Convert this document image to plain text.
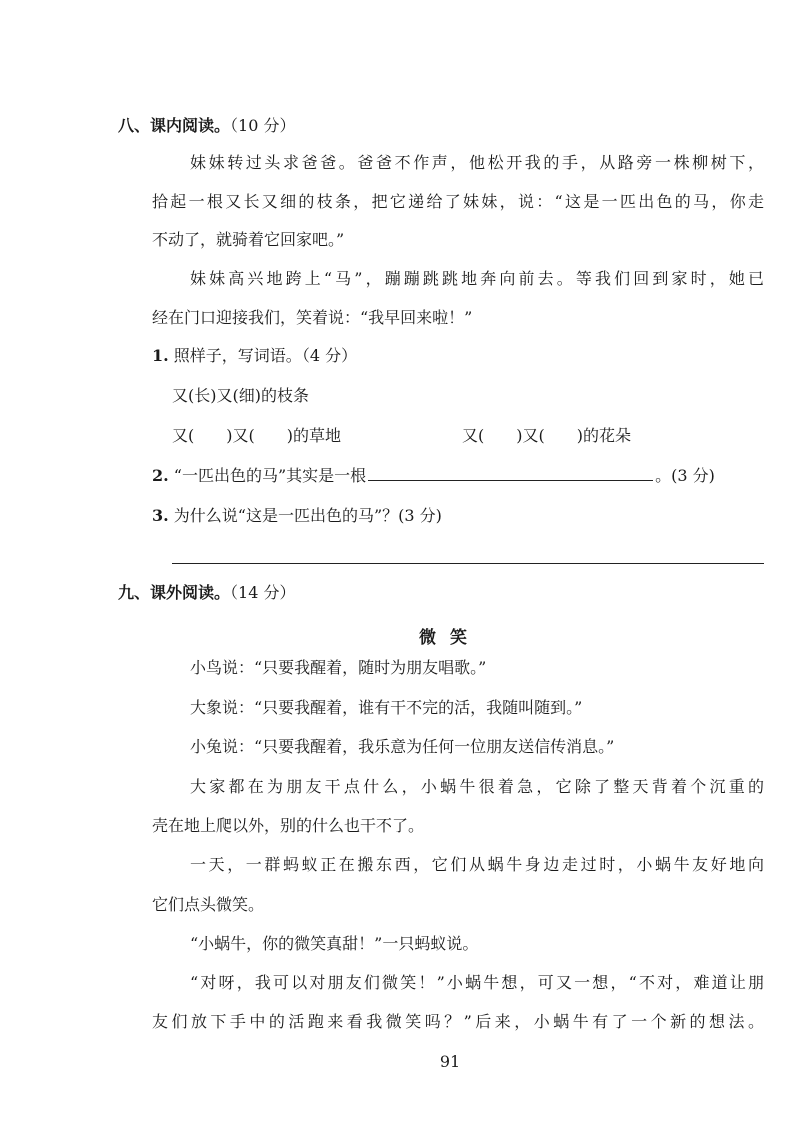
八、课内阅读。（10 分）
妹妹转过头求爸爸。爸爸不作声，他松开我的手，从路旁一株柳树下，
拾起一根又长又细的枝条，把它递给了妹妹，说：“这是一匹出色的马，你走
不动了，就骑着它回家吧。”
妹妹高兴地跨上“马”，蹦蹦跳跳地奔向前去。等我们回到家时，她已
经在门口迎接我们，笑着说：“我早回来啦！”
1. 照样子，写词语。（4 分）
又(长)又(细)的枝条
又(　　)又(　　)的草地	又(　　)又(　　)的花朵
2. “一匹出色的马”其实是一根	。(3 分)
3. 为什么说“这是一匹出色的马”？(3 分)
九、课外阅读。（14 分）
微笑
小鸟说：“只要我醒着，随时为朋友唱歌。”
大象说：“只要我醒着，谁有干不完的活，我随叫随到。”
小兔说：“只要我醒着，我乐意为任何一位朋友送信传消息。”
大家都在为朋友干点什么，小蜗牛很着急，它除了整天背着个沉重的
壳在地上爬以外，别的什么也干不了。
一天，一群蚂蚁正在搬东西，它们从蜗牛身边走过时，小蜗牛友好地向
它们点头微笑。
“小蜗牛，你的微笑真甜！”一只蚂蚁说。
“对呀，我可以对朋友们微笑！”小蜗牛想，可又一想，“不对，难道让朋
友们放下手中的活跑来看我微笑吗？”后来，小蜗牛有了一个新的想法。
91
